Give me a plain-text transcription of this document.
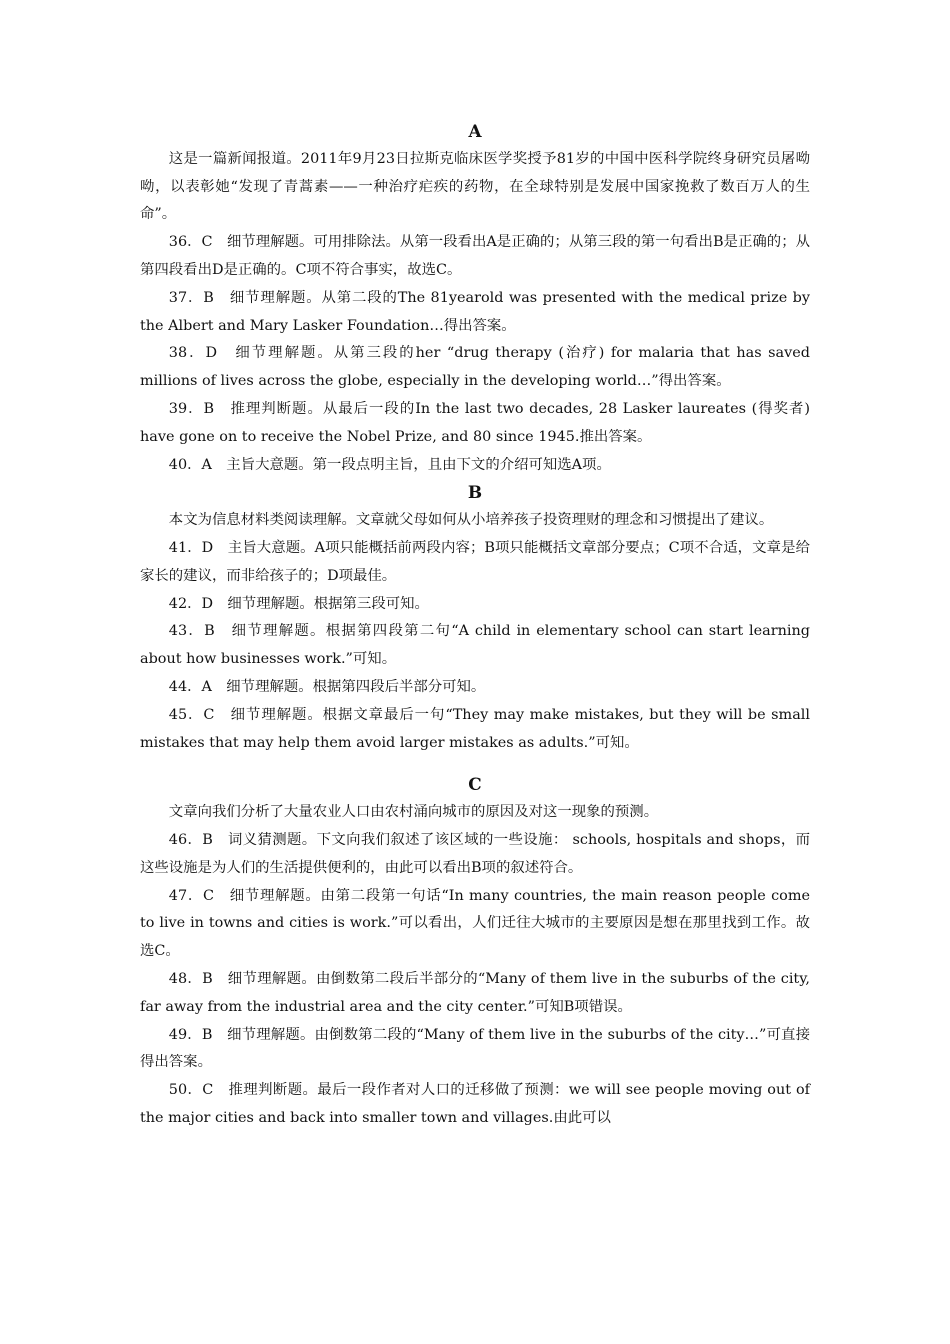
A

这是一篇新闻报道。2011年9月23日拉斯克临床医学奖授予81岁的中国中医科学院终身研究员屠呦呦，以表彰她“发现了青蒿素——一种治疗疟疾的药物，在全球特别是发展中国家挽救了数百万人的生命”。

36．C　细节理解题。可用排除法。从第一段看出A是正确的；从第三段的第一句看出B是正确的；从第四段看出D是正确的。C项不符合事实，故选C。

37．B　细节理解题。从第二段的The 81yearold was presented with the medical prize by the Albert and Mary Lasker Foundation…得出答案。

38．D　细节理解题。从第三段的her “drug therapy (治疗) for malaria that has saved millions of lives across the globe, especially in the developing world…”得出答案。

39．B　推理判断题。从最后一段的In the last two decades, 28 Lasker laureates (得奖者) have gone on to receive the Nobel Prize, and 80 since 1945.推出答案。

40．A　主旨大意题。第一段点明主旨，且由下文的介绍可知选A项。

B

本文为信息材料类阅读理解。文章就父母如何从小培养孩子投资理财的理念和习惯提出了建议。

41．D　主旨大意题。A项只能概括前两段内容；B项只能概括文章部分要点；C项不合适，文章是给家长的建议，而非给孩子的；D项最佳。

42．D　细节理解题。根据第三段可知。

43．B　细节理解题。根据第四段第二句“A child in elementary school can start learning about how businesses work.”可知。

44．A　细节理解题。根据第四段后半部分可知。

45．C　细节理解题。根据文章最后一句“They may make mistakes, but they will be small mistakes that may help them avoid larger mistakes as adults.”可知。

C

文章向我们分析了大量农业人口由农村涌向城市的原因及对这一现象的预测。

46．B　词义猜测题。下文向我们叙述了该区域的一些设施： schools, hospitals and shops，而这些设施是为人们的生活提供便利的，由此可以看出B项的叙述符合。

47．C　细节理解题。由第二段第一句话“In many countries, the main reason people come to live in towns and cities is work.”可以看出，人们迁往大城市的主要原因是想在那里找到工作。故选C。

48．B　细节理解题。由倒数第二段后半部分的“Many of them live in the suburbs of the city, far away from the industrial area and the city center.”可知B项错误。

49．B　细节理解题。由倒数第二段的“Many of them live in the suburbs of the city…”可直接得出答案。

50．C　推理判断题。最后一段作者对人口的迁移做了预测：we will see people moving out of the major cities and back into smaller town and villages.由此可以
